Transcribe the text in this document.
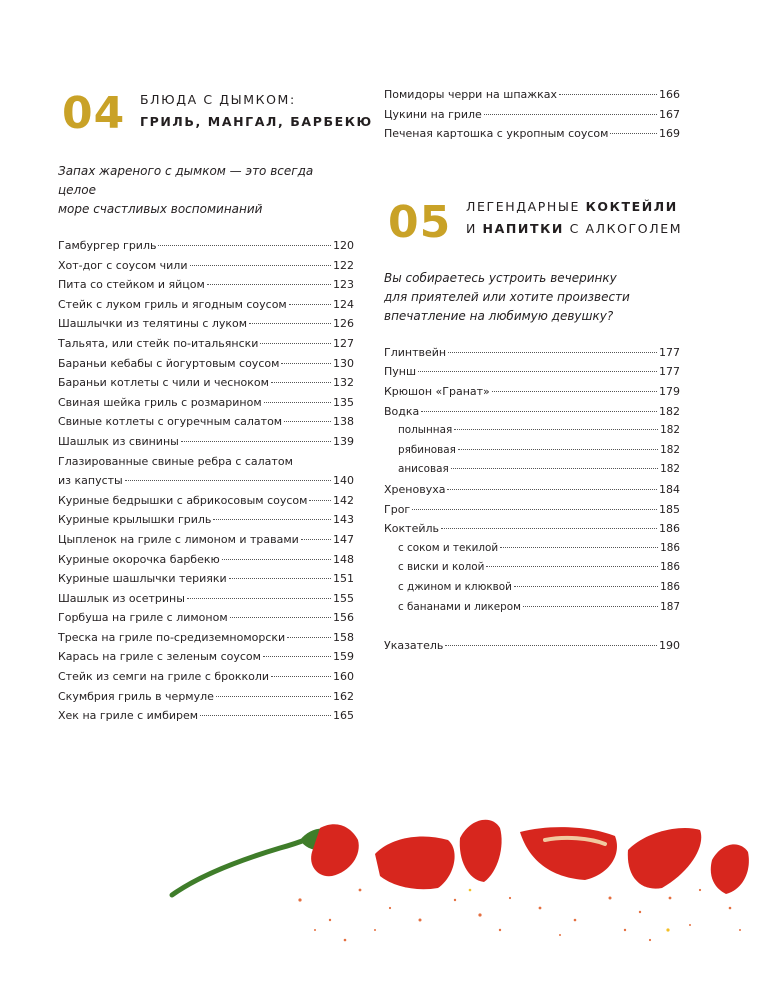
04 БЛЮДА С ДЫМКОМ:
ГРИЛЬ, МАНГАЛ, БАРБЕКЮ
Запах жареного с дымком — это всегда целое
море счастливых воспоминаний
Гамбургер гриль	120
Хот-дог с соусом чили	122
Пита со стейком и яйцом	123
Стейк с луком гриль и ягодным соусом	124
Шашлычки из телятины с луком	126
Тальята, или стейк по-итальянски	127
Бараньи кебабы с йогуртовым соусом	130
Бараньи котлеты с чили и чесноком	132
Свиная шейка гриль с розмарином	135
Свиные котлеты с огуречным салатом	138
Шашлык из свинины	139
Глазированные свиные ребра с салатом
из капусты	140
Куриные бедрышки с абрикосовым соусом 142
Куриные крылышки гриль	143
Цыпленок на гриле с лимоном и травами	147
Куриные окорочка барбекю	148
Куриные шашлычки терияки	151
Шашлык из осетрины	155
Горбуша на гриле с лимоном	156
Треска на гриле по-средиземноморски	158
Карась на гриле с зеленым соусом	159
Стейк из семги на гриле с брокколи	160
Скумбрия гриль в чермуле	162
Хек на гриле с имбирем	165
Помидоры черри на шпажках	166
Цукини на гриле	167
Печеная картошка с укропным соусом	169
05 ЛЕГЕНДАРНЫЕ КОКТЕЙЛИ
И НАПИТКИ С АЛКОГОЛЕМ
Вы собираетесь устроить вечеринку
для приятелей или хотите произвести
впечатление на любимую девушку?
Глинтвейн	177
Пунш	177
Крюшон «Гранат»	179
Водка	182
полынная	182
рябиновая	182
анисовая	182
Хреновуха	184
Грог	185
Коктейль	186
с соком и текилой	186
с виски и колой	186
с джином и клюквой	186
с бананами и ликером	187
Указатель	190
